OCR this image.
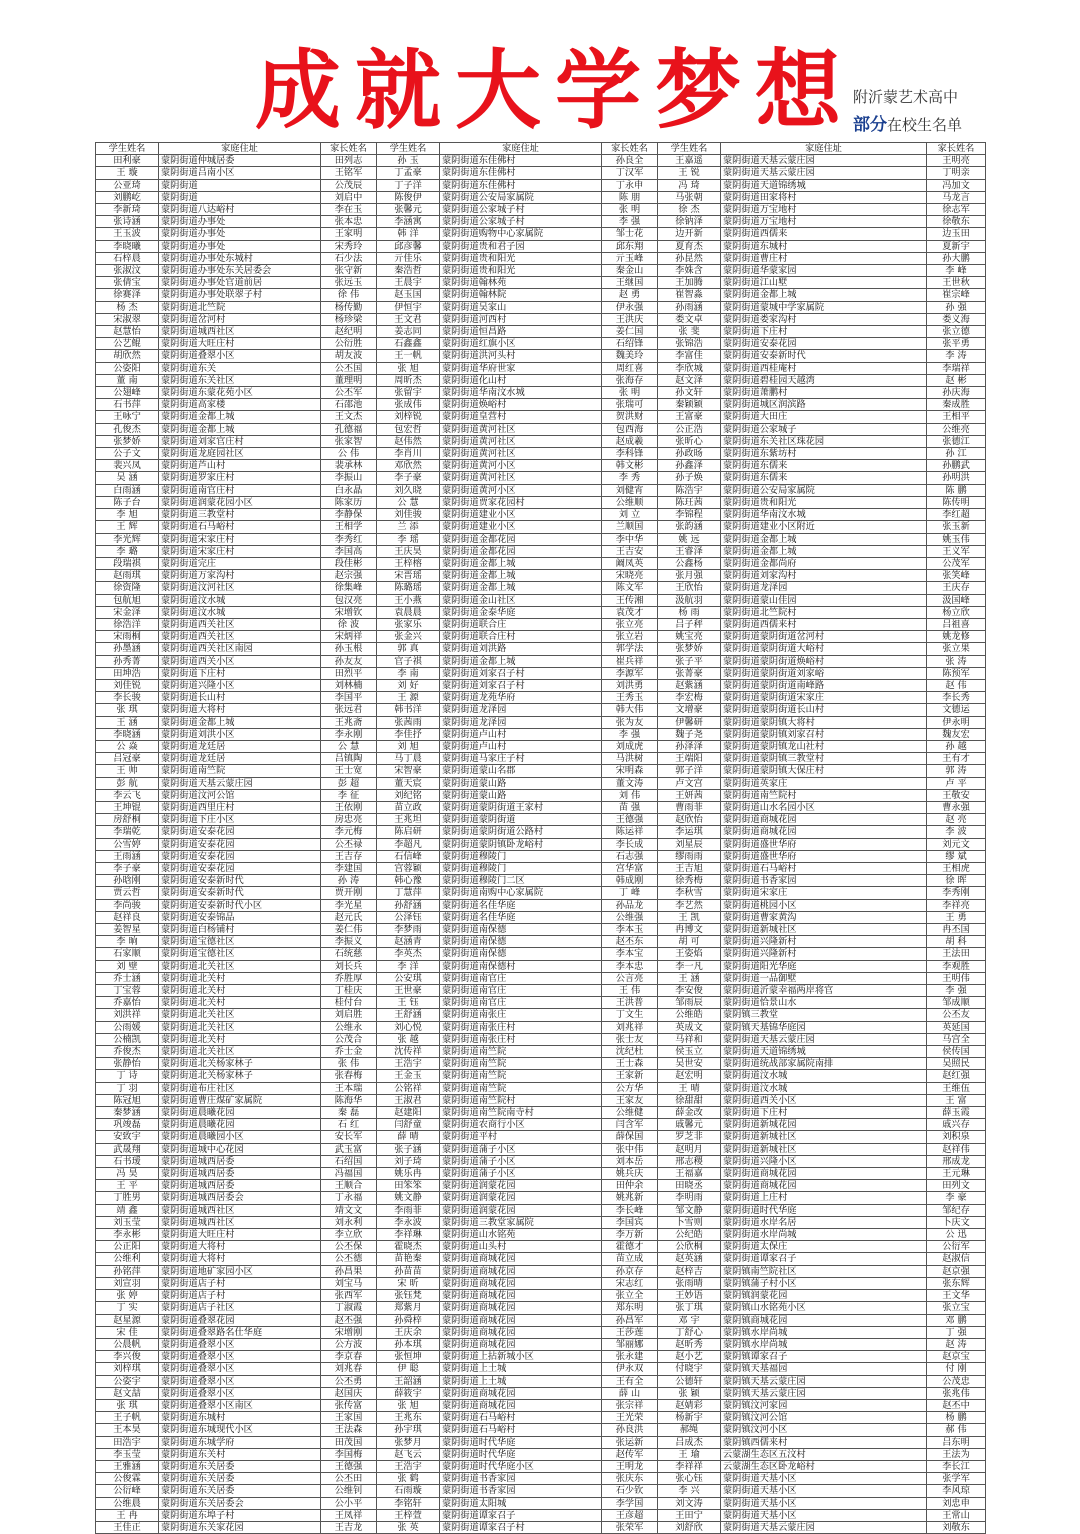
成就大学梦想
附沂蒙艺术高中
部分在校生名单
学生姓名	家庭住址	家长姓名	学生姓名	家庭住址	家长姓名	学生姓名	家庭住址	家长姓名
田利豪	蒙阴街道仲城居委	田列志	孙 玉	蒙阴街道东佳佛村	孙良全	王嘉遥	蒙阴街道天基云蒙庄园	王明亮
王 璇	蒙阴街道吕南小区	王铭军	丁孟豪	蒙阴街道东佳佛村	丁汉军	王 锐	蒙阴街道天基云蒙庄园	丁明亲
公亚琦	蒙阴街道	公茂辰	丁子洋	蒙阴街道东佳佛村	丁永申	冯 琦	蒙阴街道天道锦绣城	冯加文
刘鹏屹	蒙阴街道	刘启中	陈俊伊	蒙阴街道公安局家属院	陈 朋	马张朝	蒙阴街道田家将村	马龙言
李新琦	蒙阴街道八达峪村	李在玉	张馨元	蒙阴街道公家城子村	张 明	徐 杰	蒙阴街道万宝地村	徐志军
张诗涵	蒙阴街道办事处	张本忠	李涵寓	蒙阴街道公家城子村	李 强	徐钠泽	蒙阴街道万宝地村	徐敬东
王玉波	蒙阴街道办事处	王家明	韩 洋	蒙阴街道购物中心家属院	邹士花	边开新	蒙阴街道西儒来	边玉田
李晓曦	蒙阴街道办事处	宋秀玲	邱彦馨	蒙阴街道贵和君子园	邱东翔	夏育杰	蒙阴街道东城村	夏新宇
石梓晨	蒙阴街道办事处东城村	石少法	亓佳乐	蒙阴街道贵和阳光	亓玉峰	孙昆然	蒙阴街道曹庄村	孙大鹏
张淑汶	蒙阴街道办事处东关居委会	张守新	秦浩哲	蒙阴街道贵和阳光	秦金山	李姝含	蒙阴街道华蒙家园	李 峰
张倩宝	蒙阴街道办事处官道前居	张远玉	王晨宇	蒙阴街道翰林苑	王继国	王加腾	蒙阴街道江山墅	王世秋
徐赛泽	蒙阴街道办事处联翠子村	徐 伟	赵玉国	蒙阴街道翰林院	赵 勇	崔智淼	蒙阴街道金都上城	崔宗峰
杨 杰	蒙阴街道北竺院	杨传勤	伊恒宇	蒙阴街道吴家山	伊永强	孙雨涵	蒙阴街道蒙城中学家属院	孙 强
宋淑翠	蒙阴街道岔河村	杨珍梁	王文君	蒙阴街道河西村	王洪庆	娄文卓	蒙阴街道娄家沟村	娄义海
赵慧怡	蒙阴街道城西社区	赵纪明	姜志同	蒙阴街道恒昌路	姜仁国	张 斐	蒙阴街道下庄村	张立德
公艺鲲	蒙阴街道大旺庄村	公衍胜	石鑫鑫	蒙阴街道红旗小区	石绍锋	张锦浩	蒙阴街道安泰花园	张平勇
胡欣然	蒙阴街道叠翠小区	胡友波	王一帆	蒙阴街道洪河头村	魏美玲	李富佳	蒙阴街道安泰新时代	李 涛
公姿阳	蒙阴街道东关	公丕国	张 旭	蒙阴街道华府世家	周红喜	李欣城	蒙阴街道西桂庵村	李瑞祥
董 南	蒙阴街道东关社区	董理明	周昕杰	蒙阴街道化山村	张海存	赵文泽	蒙阴街道碧桂园天越湾	赵 彬
公翅峰	蒙阴街道东蒙花苑小区	公丕军	张留宇	蒙阴街道华南汶水城	张 明	孙文轩	蒙阴街道萧鹏村	孙庆海
石书萍	蒙阴街道高家楼	石邵池	张成伟	蒙阴街道焕峪村	张瑞可	秦颖颖	蒙阴街道城区润滨路	秦成胜
王咏宁	蒙阴街道金都上城	王文杰	刘梓锐	蒙阴街道皇营村	贺洪财	王富豪	蒙阴街道大田庄	王相平
孔俊杰	蒙阴街道金都上城	孔德福	包宏哲	蒙阴街道黄河社区	包西海	公正浩	蒙阴街道公家城子	公维亮
张梦娇	蒙阴街道刘家官庄村	张家智	赵伟然	蒙阴街道黄河社区	赵成羲	张昕心	蒙阴街道东关社区珠花园	张德江
公子文	蒙阴街道龙庭园社区	公 伟	李肖川	蒙阴街道黄河社区	李科锋	孙政旸	蒙阴街道东紫坊村	孙 江
裴兴凤	蒙阴街道芦山村	裴承林	邓欣然	蒙阴街道黄河小区	韩文彬	孙鑫泽	蒙阴街道东儒来	孙鹏武
吴 涵	蒙阴街道罗家庄村	李振山	李子豪	蒙阴街道黄河社区	李 秀	孙子焕	蒙阴街道东儒来	孙明洪
白雨涵	蒙阴街道南官庄村	白永晶	刘久晓	蒙阴街道黄河小区	刘健宵	陈浩宇	蒙阴街道公安局家属院	陈 鹏
陈子台	蒙阴街道润蒙花园小区	陈家历	公 慧	蒙阴街道贾家花园村	公维顺	陈玨茜	蒙阴街道贵和阳光	陈传明
李 旭	蒙阴街道三教堂村	李静保	刘佳骏	蒙阴街道建业小区	刘 立	李锦程	蒙阴街道华南汶水城	李红超
王 辉	蒙阴街道石马峪村	王相学	兰 添	蒙阴街道建业小区	兰顺国	张韵涵	蒙阴街道建业小区附近	张玉新
李光辉	蒙阴街道宋家庄村	李秀红	李 瑶	蒙阴街道金都花园	李中华	姚 远	蒙阴街道金都上城	姚玉伟
李 璐	蒙阴街道宋家庄村	李国高	王庆昊	蒙阴街道金都花园	王吉安	王睿泽	蒙阴街道金都上城	王义军
段瑞祺	蒙阴街道完庄	段佳彬	王梓榕	蒙阴街道金都上城	阚凤英	公鑫杨	蒙阴街道金都尚府	公茂军
赵雨琪	蒙阴街道万家沟村	赵宗强	宋晋瑶	蒙阴街道金都上城	宋晓亮	张月强	蒙阴街道刘家沟村	张笑峰
徐资隆	蒙阴街道汶河社区	徐集峰	陈璐瑶	蒙阴街道金都上城	陈文军	王欣怡	蒙阴街道龙泽园	王庆存
包航旭	蒙阴街道汶水城	包汉亮	王小燕	蒙阴街道金山社区	王传湘	汲航羽	蒙阴街道蒙山佳园	汲国峰
宋金泽	蒙阴街道汶水城	宋增钦	袁晨晨	蒙阴街道金泰华庭	袁茂才	杨 雨	蒙阴街道北竺院村	杨立欣
徐浩洋	蒙阴街道西关社区	徐 波	张家乐	蒙阴街道联合庄	张立亮	吕子秤	蒙阴街道西儒来村	吕祖喜
宋雨桐	蒙阴街道西关社区	宋炳祥	张金兴	蒙阴街道联合庄村	张立岩	姚宝亮	蒙阴街道蒙阴街道岔河村	姚龙修
孙墨涵	蒙阴街道西关社区南园	孙玉根	郭 真	蒙阴街道刘洪路	郭学法	张梦娇	蒙阴街道蒙阴街道大峪村	张立果
孙秀菁	蒙阴街道西关小区	孙友友	官子祺	蒙阴街道金都上城	崔兵祥	张子平	蒙阴街道蒙阴街道焕峪村	张 涛
田坤浩	蒙阴街道下庄村	田烈平	李 南	蒙阴街道刘家召子村	李源军	张菁豪	蒙阴街道蒙阴街道刘家峪	陈预军
刘佳锐	蒙阴街道兴隆小区	刘林楠	刘 好	蒙阴街道刘家召子村	刘洪勇	赵紫涵	蒙阴街道蒙阴街道南峰路	赵 伟
李长骏	蒙阴街道长山村	李国平	王 源	蒙阴街道龙苑华府	王秀玉	李宏梅	蒙阴街道蒙阴街道宋家庄	李长秀
张 琪	蒙阴街道大将村	张远君	韩书洋	蒙阴街道龙泽园	韩大伟	文增豪	蒙阴街道蒙阴街道长山村	文德运
王 涵	蒙阴街道金都上城	王兆斋	张茜雨	蒙阴街道龙泽园	张为友	伊馨研	蒙阴街道蒙阴镇大将村	伊永明
李晓涵	蒙阴街道刘洪小区	李永刚	李佳抒	蒙阴街道卢山村	李 强	魏子尧	蒙阴街道蒙阴镇刘家召村	魏友宏
公 焱	蒙阴街道龙廷居	公 慧	刘 旭	蒙阴街道卢山村	刘成虎	孙泽泽	蒙阴街道蒙阴镇龙山社村	孙 越
吕冠豪	蒙阴街道龙廷居	吕镇陶	马丁晨	蒙阴街道马家庄子村	马洪树	王端阳	蒙阴街道蒙阴镇三教堂村	王有才
王 帅	蒙阴街道南竺院	王士宽	宋智豪	蒙阴街道蒙山名郡	宋明森	郭子洋	蒙阴街道蒙阴镇大保庄村	郭 涛
彭 航	蒙阴街道天基云蒙庄园	彭 超	董天宸	蒙阴街道蒙山路	董文涛	卢文宫	蒙阴街道英家庄	卢 平
李云飞	蒙阴街道汶河公馆	李 征	刘纪铭	蒙阴街道蒙山路	刘 伟	王妍茜	蒙阴街道南竺院村	王敬安
王坤锟	蒙阴街道西里庄村	王依刚	苗立政	蒙阴街道蒙阴街道王家村	苗 强	曹雨菲	蒙阴街道山水名园小区	曹永强
房舒桐	蒙阴街道下庄小区	房忠亮	王兆坦	蒙阴街道蒙阴街道	王德强	赵欣怡	蒙阴街道商城花园	赵 亮
李瑞乾	蒙阴街道安泰花园	李元梅	陈启研	蒙阴街道蒙阴街道公路村	陈运祥	李运琪	蒙阴街道商城花园	李 波
公雪婷	蒙阴街道安泰花园	公丕禄	李超凡	蒙阴街道蒙阴镇卧龙峪村	李长成	刘星辰	蒙阴街道盛世华府	刘元文
王雨涵	蒙阴街道安泰花园	王吉存	石信峰	蒙阴街道穆陵门	石志强	缪雨雨	蒙阴街道盛世华府	缪 斌
李子豪	蒙阴街道安泰花园	李建国	宫蓉颖	蒙阴街道穆陵门	宫华富	王吉旭	蒙阴街道石马峪村	王相虎
孙晗刚	蒙阴街道安泰新时代	孙 涛	韩心豫	蒙阴街道穆陵门二区	韩成刚	徐秀梅	蒙阴街道书香家园	徐 晖
贾云哲	蒙阴街道安泰新时代	贾开刚	丁慧萍	蒙阴街道南购中心家属院	丁 峰	李秋雪	蒙阴街道宋家庄	李秀刚
李尚骏	蒙阴街道安泰新时代小区	李光星	孙舒涵	蒙阴街道名佳华庭	孙品龙	李艺然	蒙阴街道桃园小区	李祥亮
赵祥良	蒙阴街道安泰锦品	赵元氏	公泽钰	蒙阴街道名佳华庭	公维强	王 凯	蒙阴街道曹家黄沟	王 勇
姜智星	蒙阴街道白杨铺村	姜仁伟	李梦雨	蒙阴街道南保德	李本玉	冉博文	蒙阴街道新城社区	冉丕国
李 晌	蒙阴街道宝德社区	李振义	赵涵青	蒙阴街道南保德	赵丕东	胡 可	蒙阴街道兴隆新村	胡 科
石家顺	蒙阴街道宝德社区	石统慈	李英杰	蒙阴街道南保德	李本宝	王姿焰	蒙阴街道兴隆新村	王法田
刘 壁	蒙阴街道北关社区	刘长兵	李 洋	蒙阴街道南保德村	李本忠	李一凡	蒙阴街道阳光华庭	李观胜
乔士涵	蒙阴街道北关村	乔胜厚	公安琪	蒙阴街道南官庄	公言亮	王 涵	蒙阴街道一品御墅	王明伟
丁宝蓉	蒙阴街道北关村	丁桂庆	王世豪	蒙阴街道南官庄	王 伟	李安俊	蒙阴街道沂蒙幸福两岸将官	李 强
乔嘉怡	蒙阴街道北关村	桂付台	王 钰	蒙阴街道南官庄	王洪普	邹雨辰	蒙阴街道恰景山水	邹成顺
刘洪祥	蒙阴街道北关社区	刘启胜	王舒涵	蒙阴街道南张庄	丁文生	公维皓	蒙阴镇三教堂	公丕友
公雨媛	蒙阴街道北关社区	公维永	刘心悦	蒙阴街道南张庄村	刘兆祥	英成文	蒙阴镇天基锦华庭园	英延国
公楠凯	蒙阴街道北关村	公茂合	张 越	蒙阴街道南张庄村	张士友	马祥和	蒙阴街道天基云蒙庄园	马宫全
乔俊杰	蒙阴街道北关社区	乔士金	沈传祥	蒙阴街道南竺院	沈纪杜	侯玉立	蒙阴街道天道锦绣城	侯传国
张静怡	蒙阴街道北关杨家林子	张 伟	王浩宇	蒙阴街道南竺院	王士森	吴世安	蒙阴街道统战部家属院南排	吴照民
丁 诗	蒙阴街道北关杨家林子	张春梅	王金玉	蒙阴街道南竺院	王家新	赵宏明	蒙阴街道汶水城	赵红强
丁 羽	蒙阴街道布庄社区	王本瑞	公铭祥	蒙阴街道南竺院	公方华	王 晴	蒙阴街道汶水城	王维伍
陈冠旭	蒙阴街道曹庄煤矿家属院	陈海华	王淑君	蒙阴街道南竺院村	王家友	徐甜甜	蒙阴街道西关小区	王 富
秦梦涵	蒙阴街道晨曦花园	秦 磊	赵建阳	蒙阴街道南竺院南寺村	公维健	薛金改	蒙阴街道下庄村	薛玉霞
巩竣磊	蒙阴街道晨曦花园	石 红	闫舒童	蒙阴街道农商行小区	闫含军	戚馨元	蒙阴街道新城花园	戚兴存
安致宇	蒙阴街道晨曦园小区	安长军	薛 晴	蒙阴街道平村	薛保国	罗芝非	蒙阴街道新城社区	刘积泉
武晟翔	蒙阴街道城中心花园	武玉富	张子涵	蒙阴街道蒲子小区	张中伟	赵明月	蒙阴街道新城社区	赵祥伟
石书瑷	蒙阴街道城西居委	石绍国	刘子琦	蒙阴街道蒲子小区	刘本岳	邢志稷	蒙阴街道兴隆小区	邢成龙
冯 昊	蒙阴街道城西居委	冯福国	姚乐冉	蒙阴街道蒲子小区	姚兵庆	王福嘉	蒙阴街道商城花园	王元琳
王 平	蒙阴街道城西居委	王顺合	田笨笨	蒙阴街道润蒙花园	田仲余	田晓丞	蒙阴街道商城花园	田列文
丁胜男	蒙阴街道城西居委会	丁永福	姚文静	蒙阴街道润蒙花园	姚兆新	李明雨	蒙阴街道上庄村	李 豪
靖 鑫	蒙阴街道城西社区	靖文文	李雨菲	蒙阴街道润蒙花园	李长峰	邹文静	蒙阴街道时代华庭	邹纪存
刘玉莹	蒙阴街道城西社区	刘永利	李永波	蒙阴街道三教堂家属院	李国宾	卜雪则	蒙阴街道水岸名居	卜庆文
李永彬	蒙阴街道大旺庄村	李立欣	李祥琳	蒙阴街道山水铭苑	李万新	公纪皓	蒙阴街道水岸尚城	公 迅
公正阳	蒙阴街道大将村	公丕保	霍晓杰	蒙阴街道山头村	霍德才	公欣桐	蒙阴街道太保庄	公衍军
公维利	蒙阴街道大将村	公丕德	苗艳秦	蒙阴街道商城花园	苗立成	赵英涵	蒙阴街道谭家召子	赵淑信
孙铭萍	蒙阴街道地矿家园小区	孙昌果	孙苗苗	蒙阴街道商城花园	孙京存	赵梓吉	蒙阴镇南竺院社区	赵京强
刘宣羽	蒙阴街道店子村	刘宝马	宋 昕	蒙阴街道商城花园	宋志红	张雨晴	蒙阴镇蒲子村小区	张东辉
张 婷	蒙阴街道店子村	张西军	张钰梵	蒙阴街道商城花园	张立全	王妙语	蒙阴镇润蒙花园	王文华
丁 实	蒙阴街道店子社区	丁淑霞	郑紫月	蒙阴街道商城花园	郑东明	张丁琪	蒙阴镇山水铭苑小区	张立宝
赵星源	蒙阴街道叠翠花园	赵丕强	孙舜梓	蒙阴街道商城花园	孙昌军	邓 宇	蒙阴镇商城花园	邓 鹏
宋 佳	蒙阴街道叠翠路名仕华庭	宋增刚	王庆余	蒙阴街道商城花园	王莎莲	丁舒心	蒙阴镇水岸尚城	丁 强
公晨帆	蒙阴街道叠翠小区	公方波	孙本琪	蒙阴街道商城花园	邹丽娜	赵昕秀	蒙阴镇水岸尚城	赵 涛
李兴俊	蒙阴街道叠翠小区	李京春	张恒坤	蒙阴街道上拈新城小区	张永建	赵小艺	蒙阴镇谭家召子	赵京宝
刘梓琪	蒙阴街道叠翠小区	刘兆春	伊 聪	蒙阴街道上土城	伊永双	付晓宇	蒙阴镇天基福园	付 刚
公姿宇	蒙阴街道叠翠小区	公丕勇	王韶涵	蒙阴街道上土城	王有全	公德轩	蒙阴镇天基云蒙庄园	公茂忠
赵文喆	蒙阴街道叠翠小区	赵国庆	薛筱宇	蒙阴街道商城花园	薛 山	张 颖	蒙阴镇天基云蒙庄园	张兆伟
张 琪	蒙阴街道叠翠小区南区	张传富	张 旭	蒙阴街道商城花园	张宗祥	赵婧彩	蒙阴镇汶河家园	赵丕中
王子帆	蒙阴街道东城村	王家国	王兆东	蒙阴街道石马峪村	王光荣	杨新宇	蒙阴镇汶河公馆	杨 鹏
王本昊	蒙阴街道东城现代小区	王法森	孙宇琪	蒙阴街道石马峪村	孙良洪	郝绳	蒙阴镇汶河小区	郝 伟
田浩宇	蒙阴街道东城学府	田茂国	张梦月	蒙阴街道时代华庭	张运新	吕成杰	蒙阴镇西儒来村	吕东明
李玉莹	蒙阴街道东关村	李国梅	赵飞云	蒙阴街道时代华庭	赵传军	王 瑜	云蒙湖生态区五汶村	王法为
王雅涵	蒙阴街道东关居委	王德强	王浩宇	蒙阴街道时代华庭小区	王明龙	李祥祥	云蒙湖生态区卧龙峪村	李长江
公俊霖	蒙阴街道东关居委	公丕田	张 鹤	蒙阴街道书香家园	张庆东	张心钰	蒙阴街道天基小区	张学军
公衍峰	蒙阴街道东关居委	公维钊	石雨璇	蒙阴街道书香家园	石少钦	李 兴	蒙阴街道天基小区	李风琼
公维晨	蒙阴街道东关居委会	公小平	李铭轩	蒙阴街道太阳城	李学国	刘文涛	蒙阴街道天基小区	刘忠申
王 冉	蒙阴街道东埠子村	王凤祥	王梓萱	蒙阴街道谭家召子	王彦超	王田宁	蒙阴街道天基小区	王常山
王佳正	蒙阴街道东关家花园	王吉龙	张 英	蒙阴街道谭家召子村	张荣军	刘舒欣	蒙阴街道天基云蒙庄园	刘敬东
